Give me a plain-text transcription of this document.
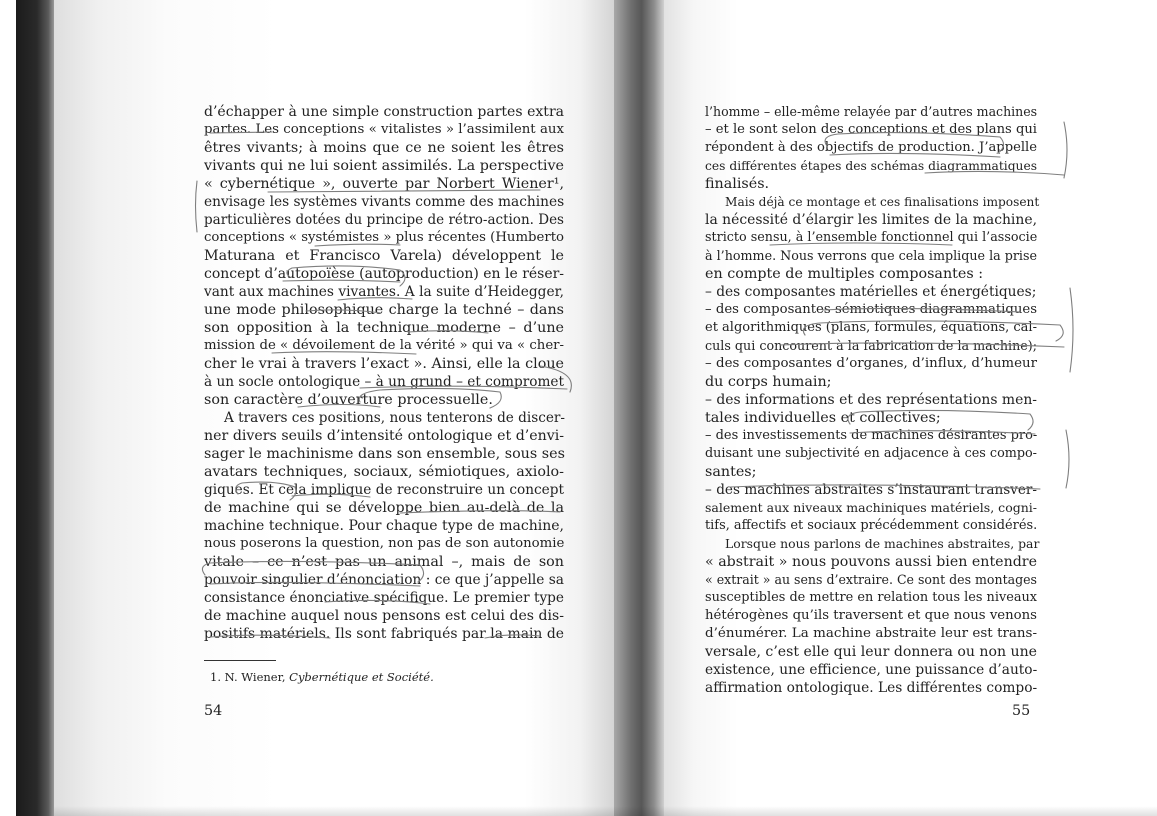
d’échapper à une simple construction partes extra
partes. Les conceptions « vitalistes » l’assimilent aux
êtres vivants; à moins que ce ne soient les êtres
vivants qui ne lui soient assimilés. La perspective
« cybernétique », ouverte par Norbert Wiener¹,
envisage les systèmes vivants comme des machines
particulières dotées du principe de rétro-action. Des
conceptions « systémistes » plus récentes (Humberto
Maturana et Francisco Varela) développent le
concept d’autopoïèse (autoproduction) en le réser-
vant aux machines vivantes. A la suite d’Heidegger,
une mode philosophique charge la techné – dans
son opposition à la technique moderne – d’une
mission de « dévoilement de la vérité » qui va « cher-
cher le vrai à travers l’exact ». Ainsi, elle la cloue
à un socle ontologique – à un grund – et compromet
son caractère d’ouverture processuelle.
A travers ces positions, nous tenterons de discer-
ner divers seuils d’intensité ontologique et d’envi-
sager le machinisme dans son ensemble, sous ses
avatars techniques, sociaux, sémiotiques, axiolo-
giques. Et cela implique de reconstruire un concept
de machine qui se développe bien au-delà de la
machine technique. Pour chaque type de machine,
nous poserons la question, non pas de son autonomie
vitale – ce n’est pas un animal –, mais de son
pouvoir singulier d’énonciation : ce que j’appelle sa
consistance énonciative spécifique. Le premier type
de machine auquel nous pensons est celui des dis-
positifs matériels. Ils sont fabriqués par la main de
1. N. Wiener, Cybernétique et Société.
54
l’homme – elle-même relayée par d’autres machines
– et le sont selon des conceptions et des plans qui
répondent à des objectifs de production. J’appelle
ces différentes étapes des schémas diagrammatiques
finalisés.
Mais déjà ce montage et ces finalisations imposent
la nécessité d’élargir les limites de la machine,
stricto sensu, à l’ensemble fonctionnel qui l’associe
à l’homme. Nous verrons que cela implique la prise
en compte de multiples composantes :
– des composantes matérielles et énergétiques;
– des composantes sémiotiques diagrammatiques
et algorithmiques (plans, formules, équations, cal-
culs qui concourent à la fabrication de la machine);
– des composantes d’organes, d’influx, d’humeur
du corps humain;
– des informations et des représentations men-
tales individuelles et collectives;
– des investissements de machines désirantes pro-
duisant une subjectivité en adjacence à ces compo-
santes;
– des machines abstraites s’instaurant transver-
salement aux niveaux machiniques matériels, cogni-
tifs, affectifs et sociaux précédemment considérés.
Lorsque nous parlons de machines abstraites, par
« abstrait » nous pouvons aussi bien entendre
« extrait » au sens d’extraire. Ce sont des montages
susceptibles de mettre en relation tous les niveaux
hétérogènes qu’ils traversent et que nous venons
d’énumérer. La machine abstraite leur est trans-
versale, c’est elle qui leur donnera ou non une
existence, une efficience, une puissance d’auto-
affirmation ontologique. Les différentes compo-
55
